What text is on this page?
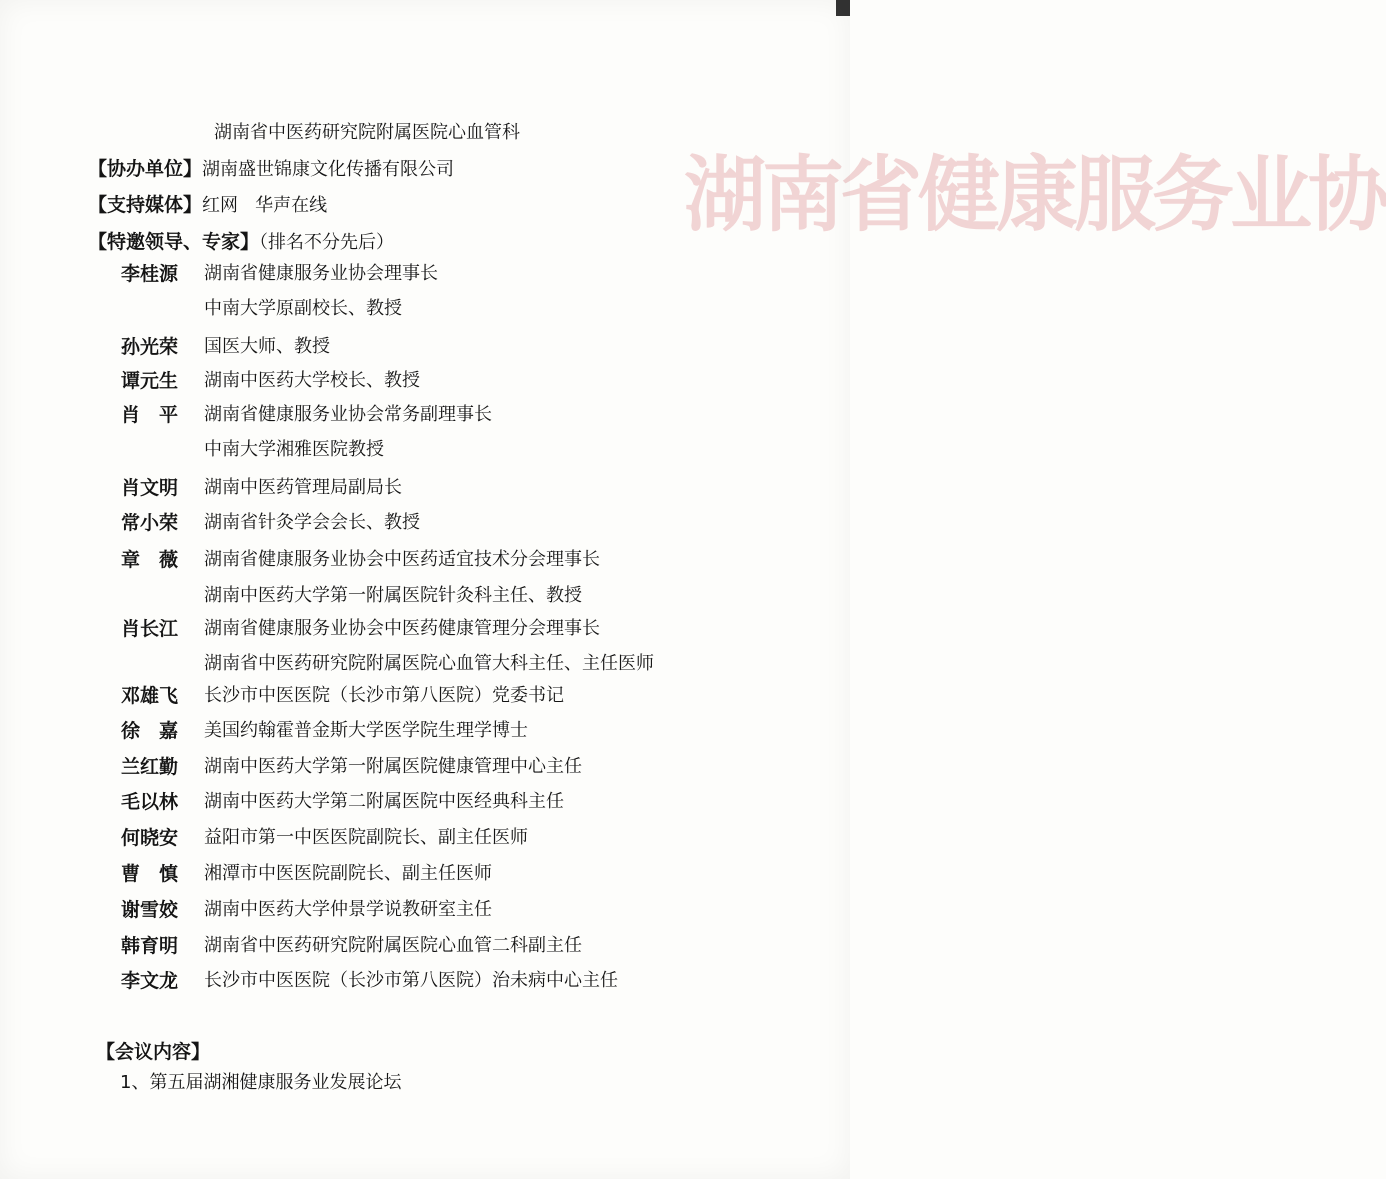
湖南省健康服务业协
湖南省中医药研究院附属医院心血管科
【协办单位】湖南盛世锦康文化传播有限公司
【支持媒体】红网   华声在线
【特邀领导、专家】（排名不分先后）
李桂源 湖南省健康服务业协会理事长
中南大学原副校长、教授
孙光荣 国医大师、教授
谭元生 湖南中医药大学校长、教授
肖　平 湖南省健康服务业协会常务副理事长
中南大学湘雅医院教授
肖文明 湖南中医药管理局副局长
常小荣 湖南省针灸学会会长、教授
章　薇 湖南省健康服务业协会中医药适宜技术分会理事长
湖南中医药大学第一附属医院针灸科主任、教授
肖长江 湖南省健康服务业协会中医药健康管理分会理事长
湖南省中医药研究院附属医院心血管大科主任、主任医师
邓雄飞 长沙市中医医院（长沙市第八医院）党委书记
徐　嘉 美国约翰霍普金斯大学医学院生理学博士
兰红勤 湖南中医药大学第一附属医院健康管理中心主任
毛以林 湖南中医药大学第二附属医院中医经典科主任
何晓安 益阳市第一中医医院副院长、副主任医师
曹　慎 湘潭市中医医院副院长、副主任医师
谢雪姣 湖南中医药大学仲景学说教研室主任
韩育明 湖南省中医药研究院附属医院心血管二科副主任
李文龙 长沙市中医医院（长沙市第八医院）治未病中心主任
【会议内容】
1、第五届湖湘健康服务业发展论坛
